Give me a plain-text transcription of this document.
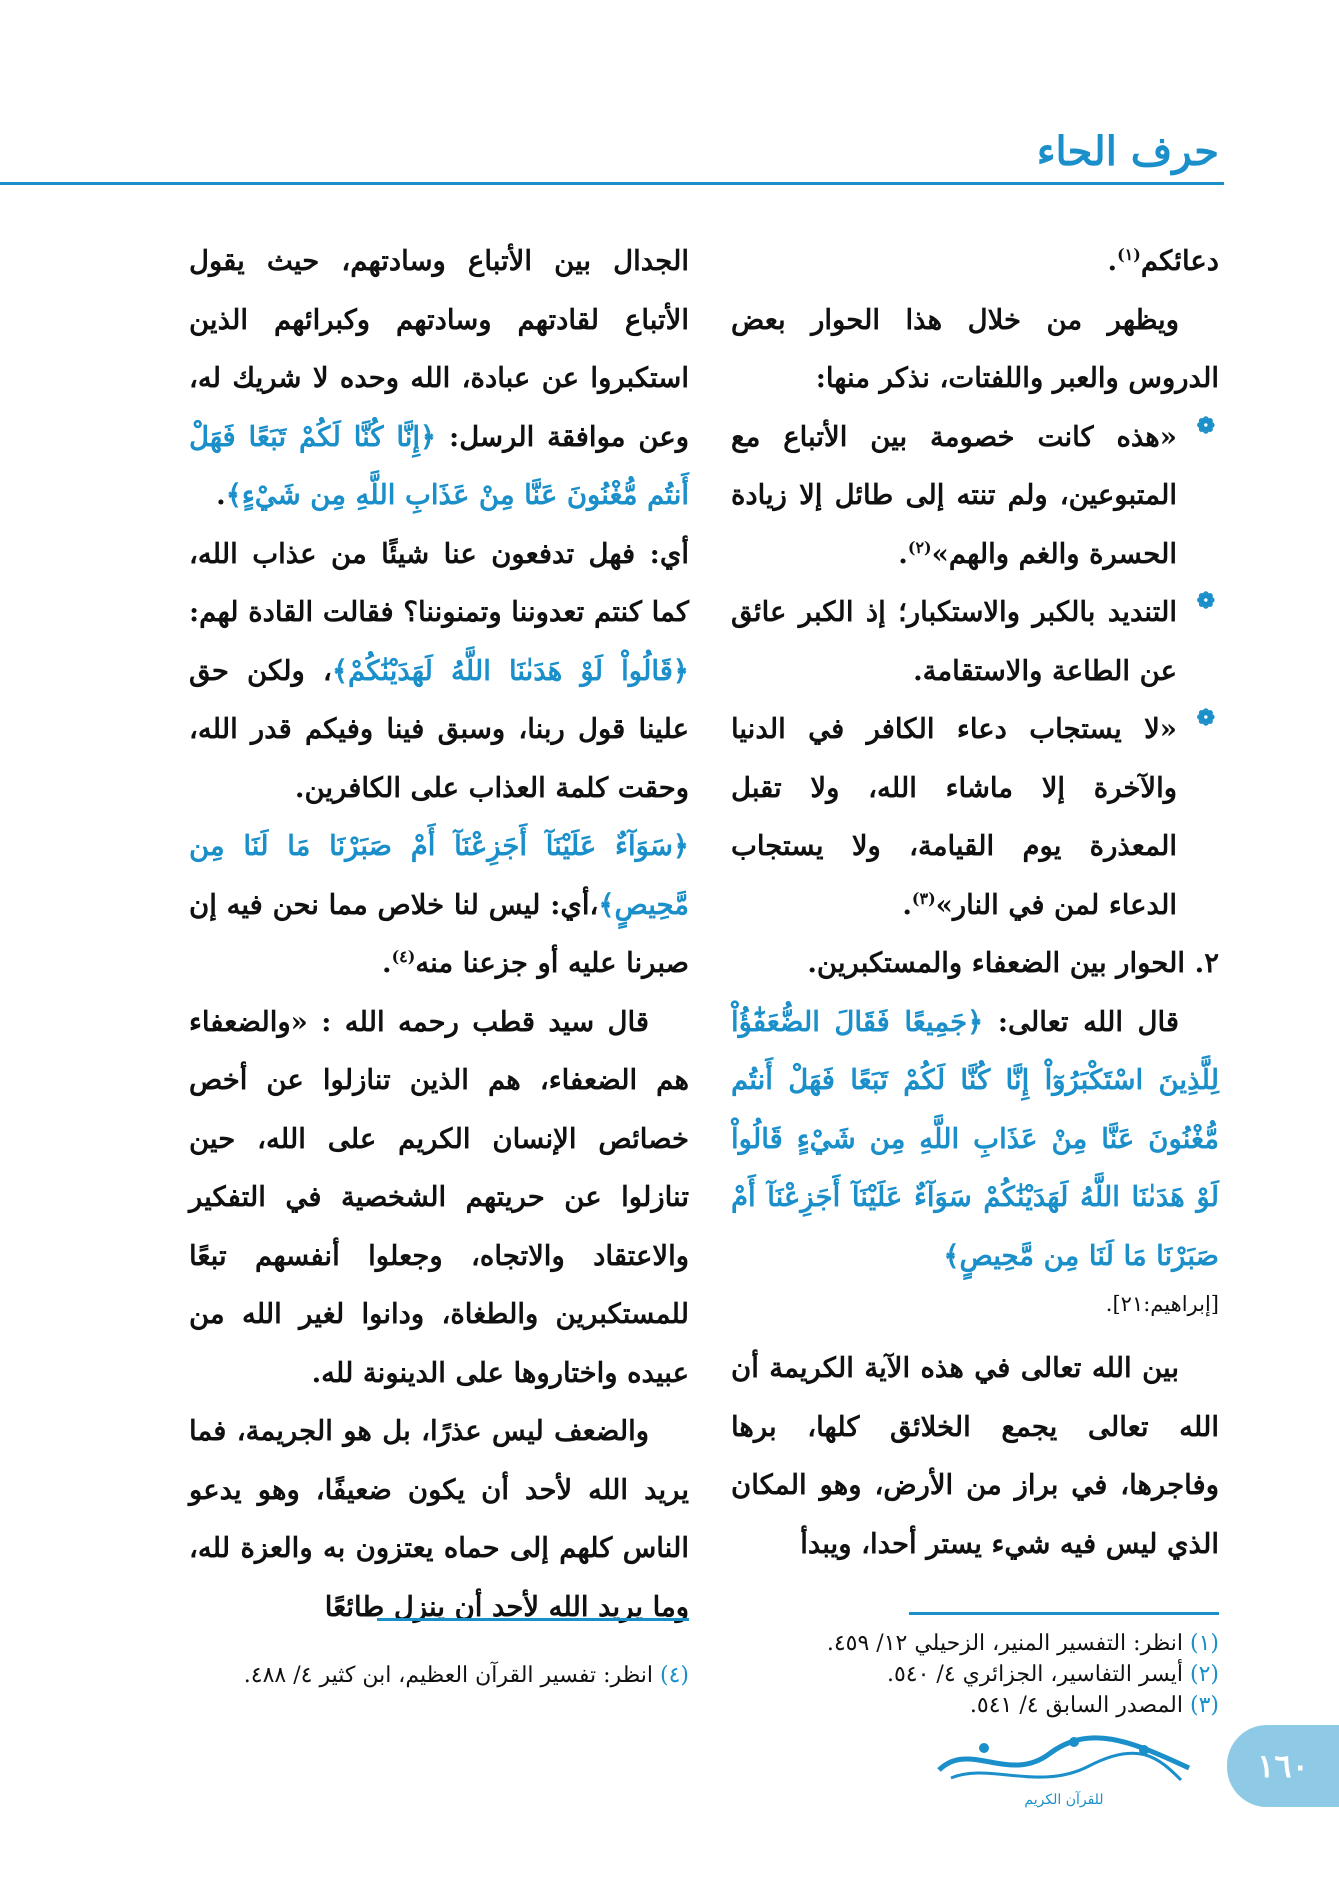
حرف الحاء

دعائكم$^{(١)}$.

ويظهر من خلال هذا الحوار بعض الدروس والعبر واللفتات، نذكر منها:

❁
«هذه كانت خصومة بين الأتباع مع المتبوعين، ولم تنته إلى طائل إلا زيادة الحسرة والغم والهم»$^{(٢)}$.

❁
التنديد بالكبر والاستكبار؛ إذ الكبر عائق عن الطاعة والاستقامة.

❁
«لا يستجاب دعاء الكافر في الدنيا والآخرة إلا ماشاء الله، ولا تقبل المعذرة يوم القيامة، ولا يستجاب الدعاء لمن في النار»$^{(٣)}$.

٢. الحوار بين الضعفاء والمستكبرين.

قال الله تعالى: ﴿جَمِيعًا فَقَالَ الضُّعَفَٰٓؤُاْ لِلَّذِينَ اسْتَكْبَرُوٓاْ إِنَّا كُنَّا لَكُمْ تَبَعًا فَهَلْ أَنتُم مُّغْنُونَ عَنَّا مِنْ عَذَابِ اللَّهِ مِن شَيْءٍ قَالُواْ لَوْ هَدَىٰنَا اللَّهُ لَهَدَيْنَٰكُمْ سَوَآءٌ عَلَيْنَآ أَجَزِعْنَآ أَمْ صَبَرْنَا مَا لَنَا مِن مَّحِيصٍ﴾

[إبراهيم:٢١].

بين الله تعالى في هذه الآية الكريمة أن الله تعالى يجمع الخلائق كلها، برها وفاجرها، في براز من الأرض، وهو المكان الذي ليس فيه شيء يستر أحدا، ويبدأ

الجدال بين الأتباع وسادتهم، حيث يقول الأتباع لقادتهم وسادتهم وكبرائهم الذين استكبروا عن عبادة، الله وحده لا شريك له، وعن موافقة الرسل: ﴿إِنَّا كُنَّا لَكُمْ تَبَعًا فَهَلْ أَنتُم مُّغْنُونَ عَنَّا مِنْ عَذَابِ اللَّهِ مِن شَيْءٍ﴾.

أي: فهل تدفعون عنا شيئًا من عذاب الله، كما كنتم تعدوننا وتمنوننا؟ فقالت القادة لهم: ﴿قَالُواْ لَوْ هَدَىٰنَا اللَّهُ لَهَدَيْنَٰكُمْ﴾، ولكن حق علينا قول ربنا، وسبق فينا وفيكم قدر الله، وحقت كلمة العذاب على الكافرين.

﴿سَوَآءٌ عَلَيْنَآ أَجَزِعْنَآ أَمْ صَبَرْنَا مَا لَنَا مِن مَّحِيصٍ﴾،أي: ليس لنا خلاص مما نحن فيه إن صبرنا عليه أو جزعنا منه$^{(٤)}$.

قال سيد قطب رحمه الله : «والضعفاء هم الضعفاء، هم الذين تنازلوا عن أخص خصائص الإنسان الكريم على الله، حين تنازلوا عن حريتهم الشخصية في التفكير والاعتقاد والاتجاه، وجعلوا أنفسهم تبعًا للمستكبرين والطغاة، ودانوا لغير الله من عبيده واختاروها على الدينونة لله.

والضعف ليس عذرًا، بل هو الجريمة، فما يريد الله لأحد أن يكون ضعيفًا، وهو يدعو الناس كلهم إلى حماه يعتزون به والعزة لله، وما يريد الله لأحد أن ينزل طائعًا

(١) انظر: التفسير المنير، الزحيلي ١٢/ ٤٥٩.

(٢) أيسر التفاسير، الجزائري ٤/ ٥٤٠.

(٣) المصدر السابق ٤/ ٥٤١.

(٤) انظر: تفسير القرآن العظيم، ابن كثير ٤/ ٤٨٨.

للقرآن الكريم
١٦٠
